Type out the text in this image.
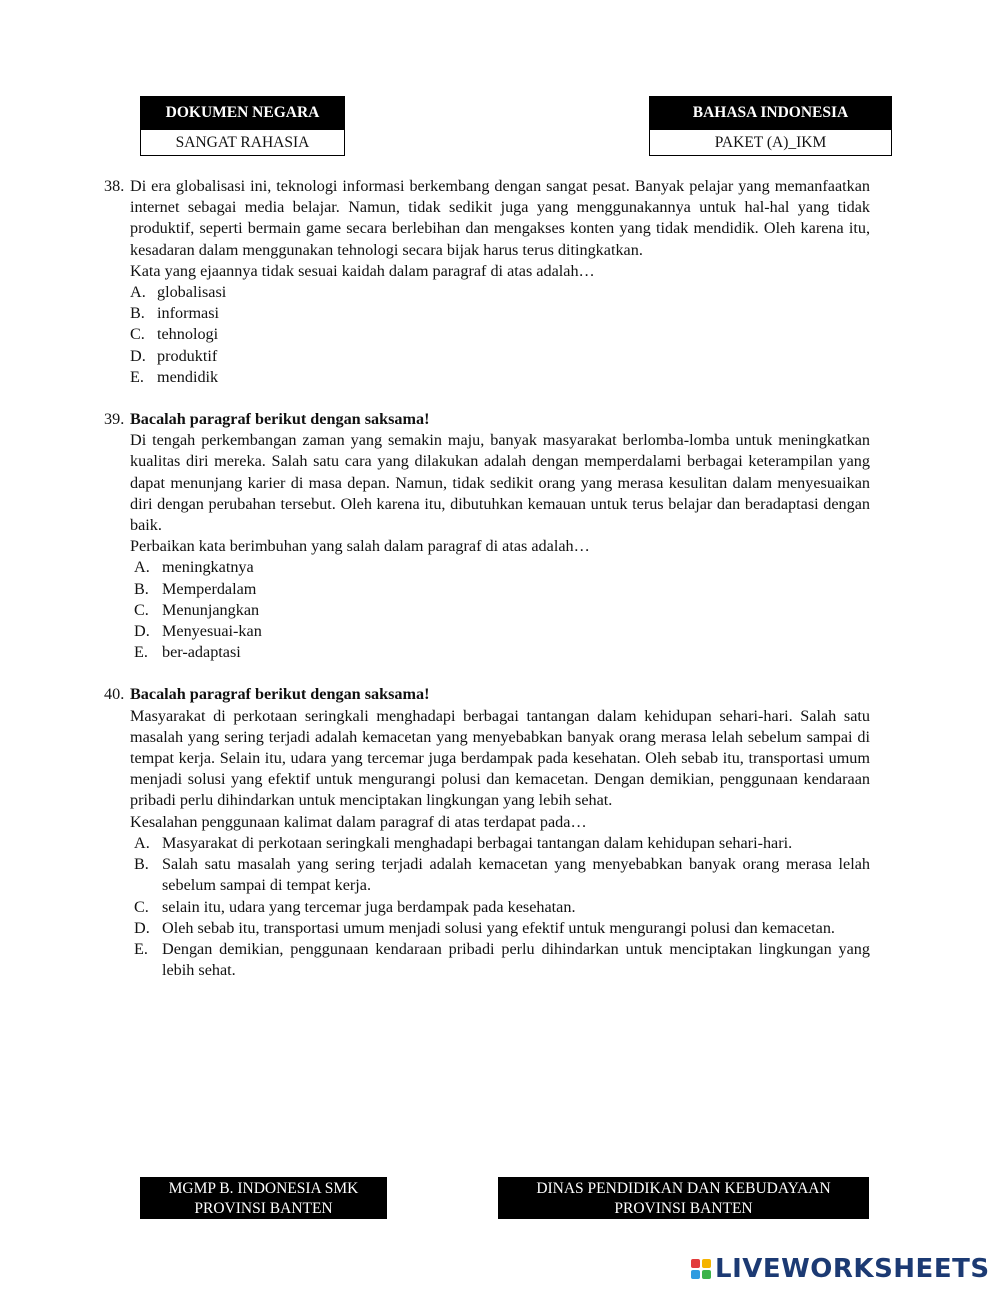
DOKUMEN NEGARA
SANGAT RAHASIA
BAHASA INDONESIA
PAKET (A)_IKM
38. Di era globalisasi ini, teknologi informasi berkembang dengan sangat pesat. Banyak pelajar yang memanfaatkan internet sebagai media belajar. Namun, tidak sedikit juga yang menggunakannya untuk hal-hal yang tidak produktif, seperti bermain game secara berlebihan dan mengakses konten yang tidak mendidik. Oleh karena itu, kesadaran dalam menggunakan tehnologi secara bijak harus terus ditingkatkan.

Kata yang ejaannya tidak sesuai kaidah dalam paragraf di atas adalah…

A. globalisasi
B. informasi
C. tehnologi
D. produktif
E. mendidik
39. Bacalah paragraf berikut dengan saksama!

Di tengah perkembangan zaman yang semakin maju, banyak masyarakat berlomba-lomba untuk meningkatkan kualitas diri mereka. Salah satu cara yang dilakukan adalah dengan memperdalami berbagai keterampilan yang dapat menunjang karier di masa depan. Namun, tidak sedikit orang yang merasa kesulitan dalam menyesuaikan diri dengan perubahan tersebut. Oleh karena itu, dibutuhkan kemauan untuk terus belajar dan beradaptasi dengan baik.

Perbaikan kata berimbuhan yang salah dalam paragraf di atas adalah…

A. meningkatnya
B. Memperdalam
C. Menunjangkan
D. Menyesuai-kan
E. ber-adaptasi
40. Bacalah paragraf berikut dengan saksama!

Masyarakat di perkotaan seringkali menghadapi berbagai tantangan dalam kehidupan sehari-hari. Salah satu masalah yang sering terjadi adalah kemacetan yang menyebabkan banyak orang merasa lelah sebelum sampai di tempat kerja. Selain itu, udara yang tercemar juga berdampak pada kesehatan. Oleh sebab itu, transportasi umum menjadi solusi yang efektif untuk mengurangi polusi dan kemacetan. Dengan demikian, penggunaan kendaraan pribadi perlu dihindarkan untuk menciptakan lingkungan yang lebih sehat.

Kesalahan penggunaan kalimat dalam paragraf di atas terdapat pada…

A. Masyarakat di perkotaan seringkali menghadapi berbagai tantangan dalam kehidupan sehari-hari.
B. Salah satu masalah yang sering terjadi adalah kemacetan yang menyebabkan banyak orang merasa lelah sebelum sampai di tempat kerja.
C. selain itu, udara yang tercemar juga berdampak pada kesehatan.
D. Oleh sebab itu, transportasi umum menjadi solusi yang efektif untuk mengurangi polusi dan kemacetan.
E. Dengan demikian, penggunaan kendaraan pribadi perlu dihindarkan untuk menciptakan lingkungan yang lebih sehat.
MGMP B. INDONESIA SMK
PROVINSI BANTEN
DINAS PENDIDIKAN DAN KEBUDAYAAN
PROVINSI BANTEN
LIVEWORKSHEETS
